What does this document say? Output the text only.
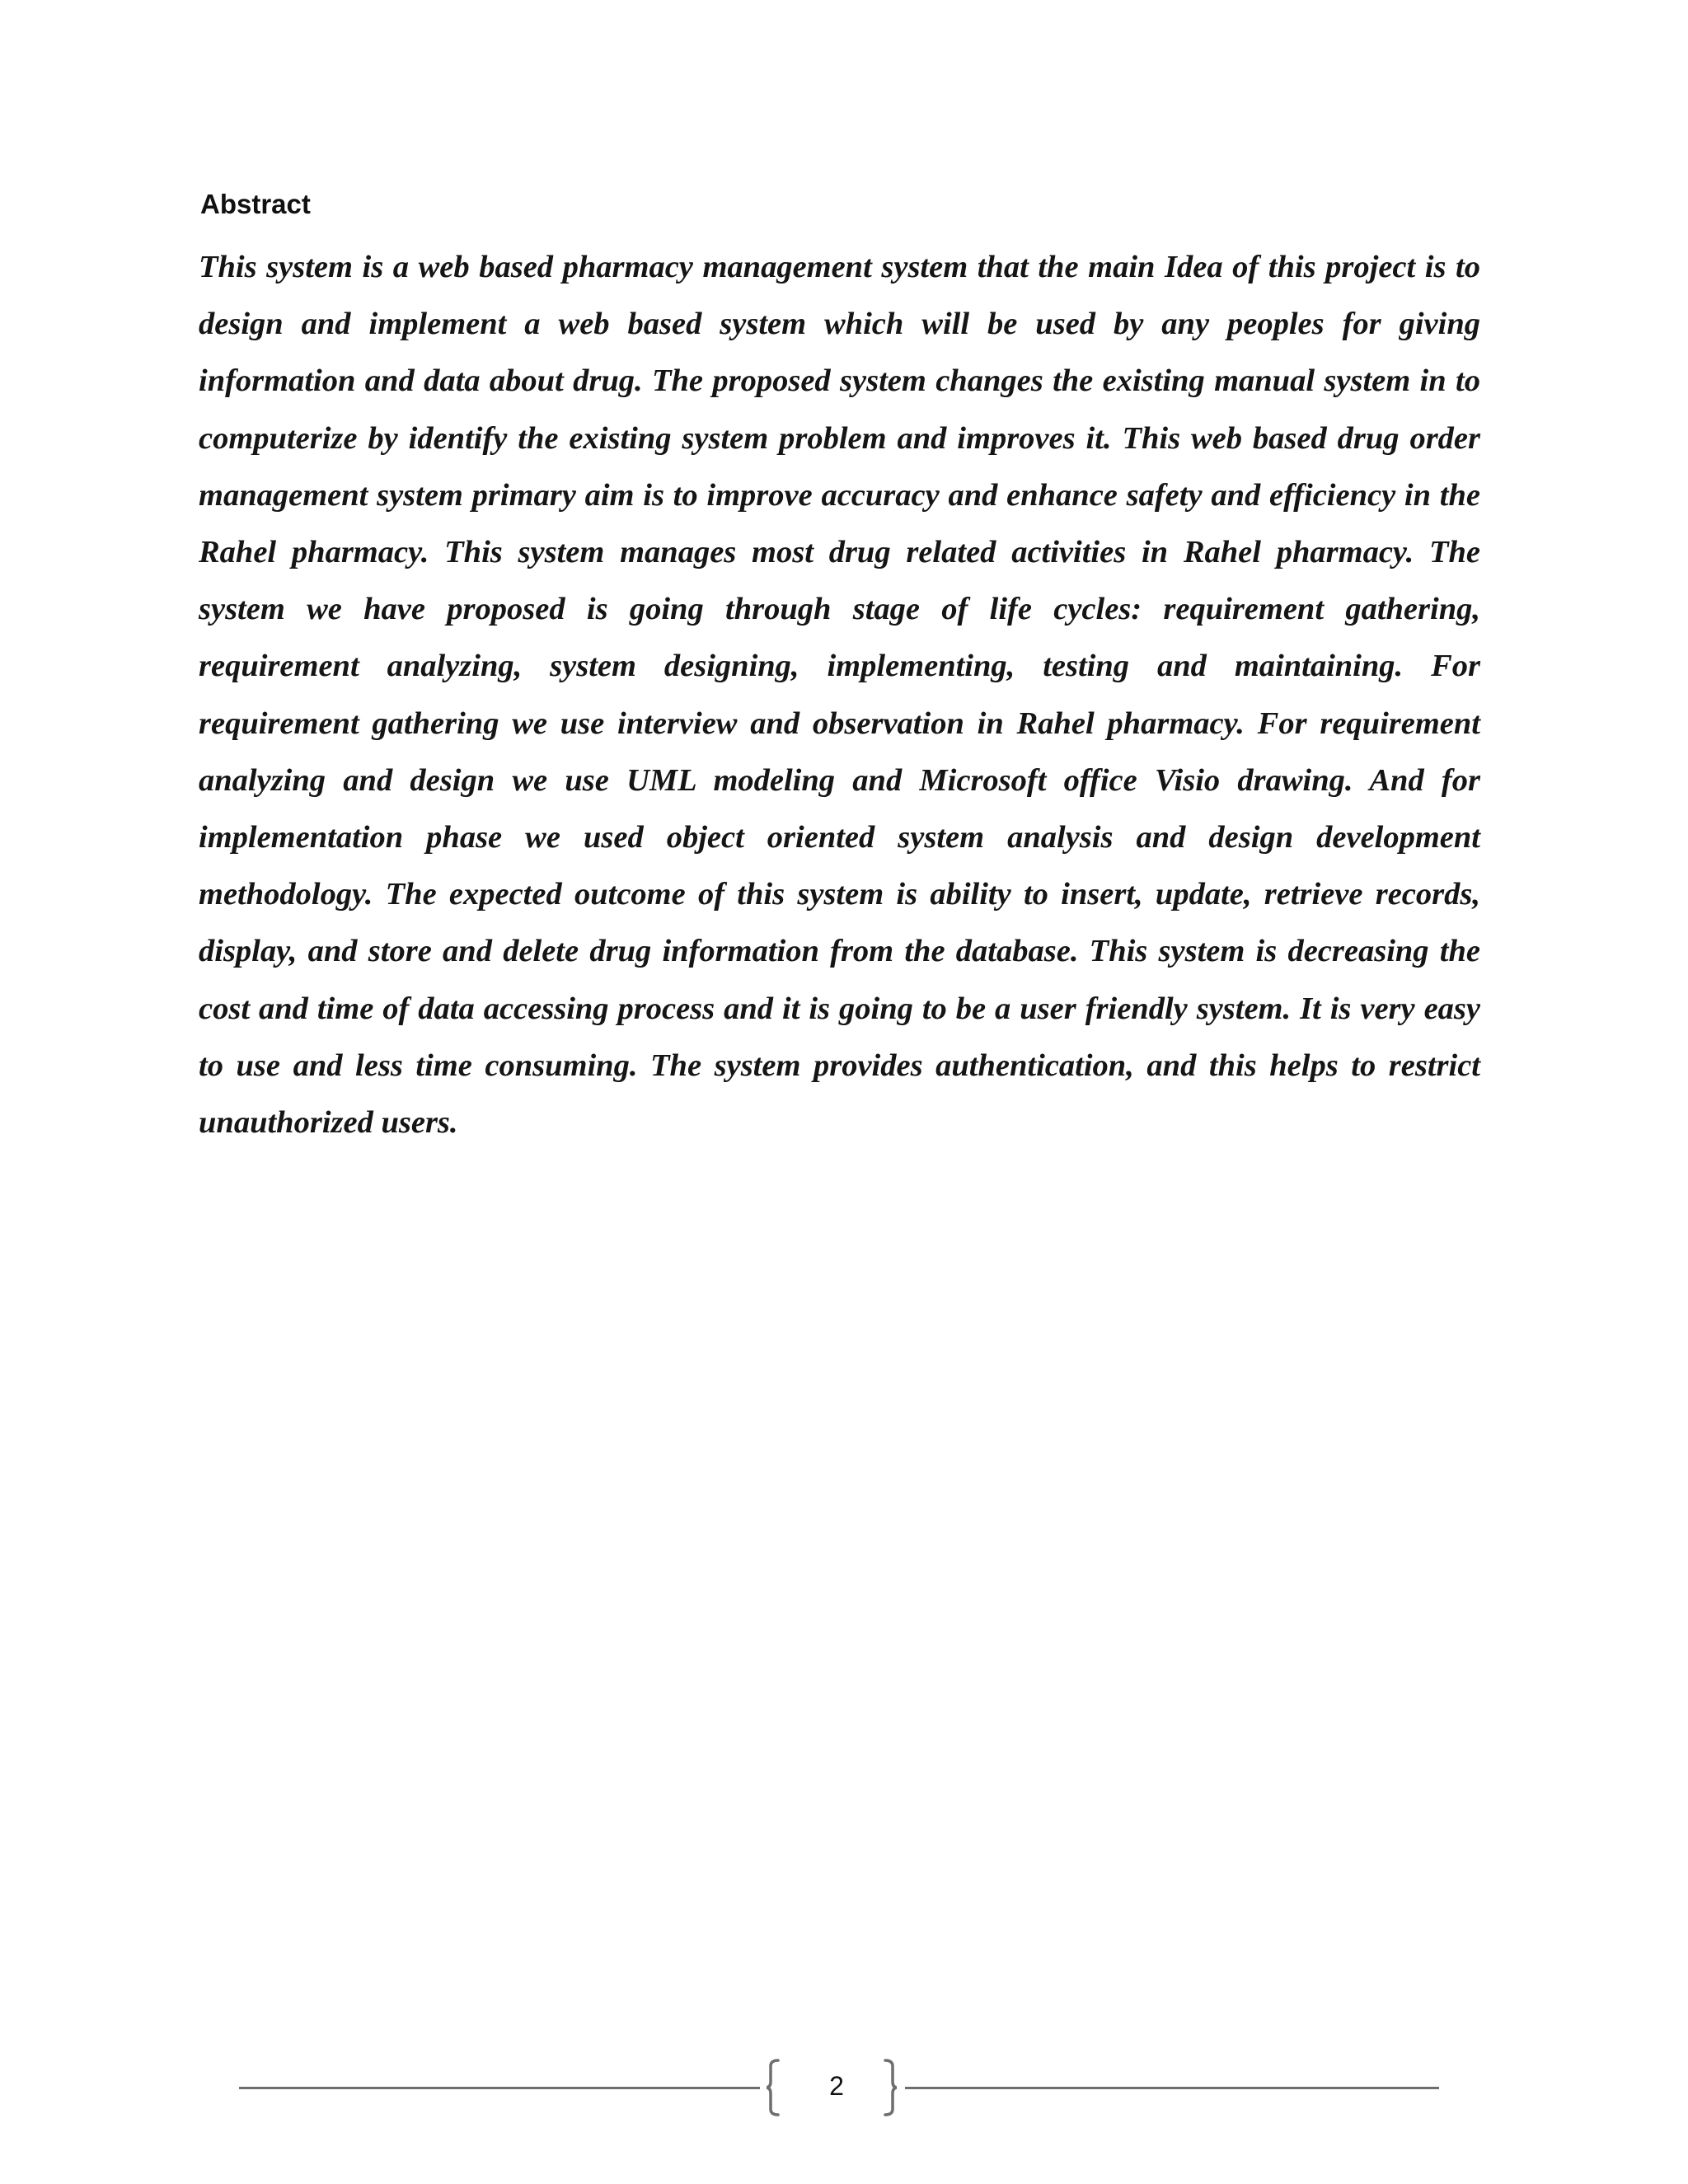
Abstract

This system is a web based pharmacy management system that the main Idea of this project is to design and implement a web based system which will be used by any peoples for giving information and data about drug. The proposed system changes the existing manual system in to computerize by identify the existing system problem and improves it. This web based drug order management system primary aim is to improve accuracy and enhance safety and efficiency in the Rahel pharmacy. This system manages most drug related activities in Rahel pharmacy. The system we have proposed is going through stage of life cycles: requirement gathering, requirement analyzing, system designing, implementing, testing and maintaining. For requirement gathering we use interview and observation in Rahel pharmacy. For requirement analyzing and design we use UML modeling and Microsoft office Visio drawing. And for implementation phase we used object oriented system analysis and design development methodology. The expected outcome of this system is ability to insert, update, retrieve records, display, and store and delete drug information from the database. This system is decreasing the cost and time of data accessing process and it is going to be a user friendly system. It is very easy to use and less time consuming. The system provides authentication, and this helps to restrict unauthorized users.

2
